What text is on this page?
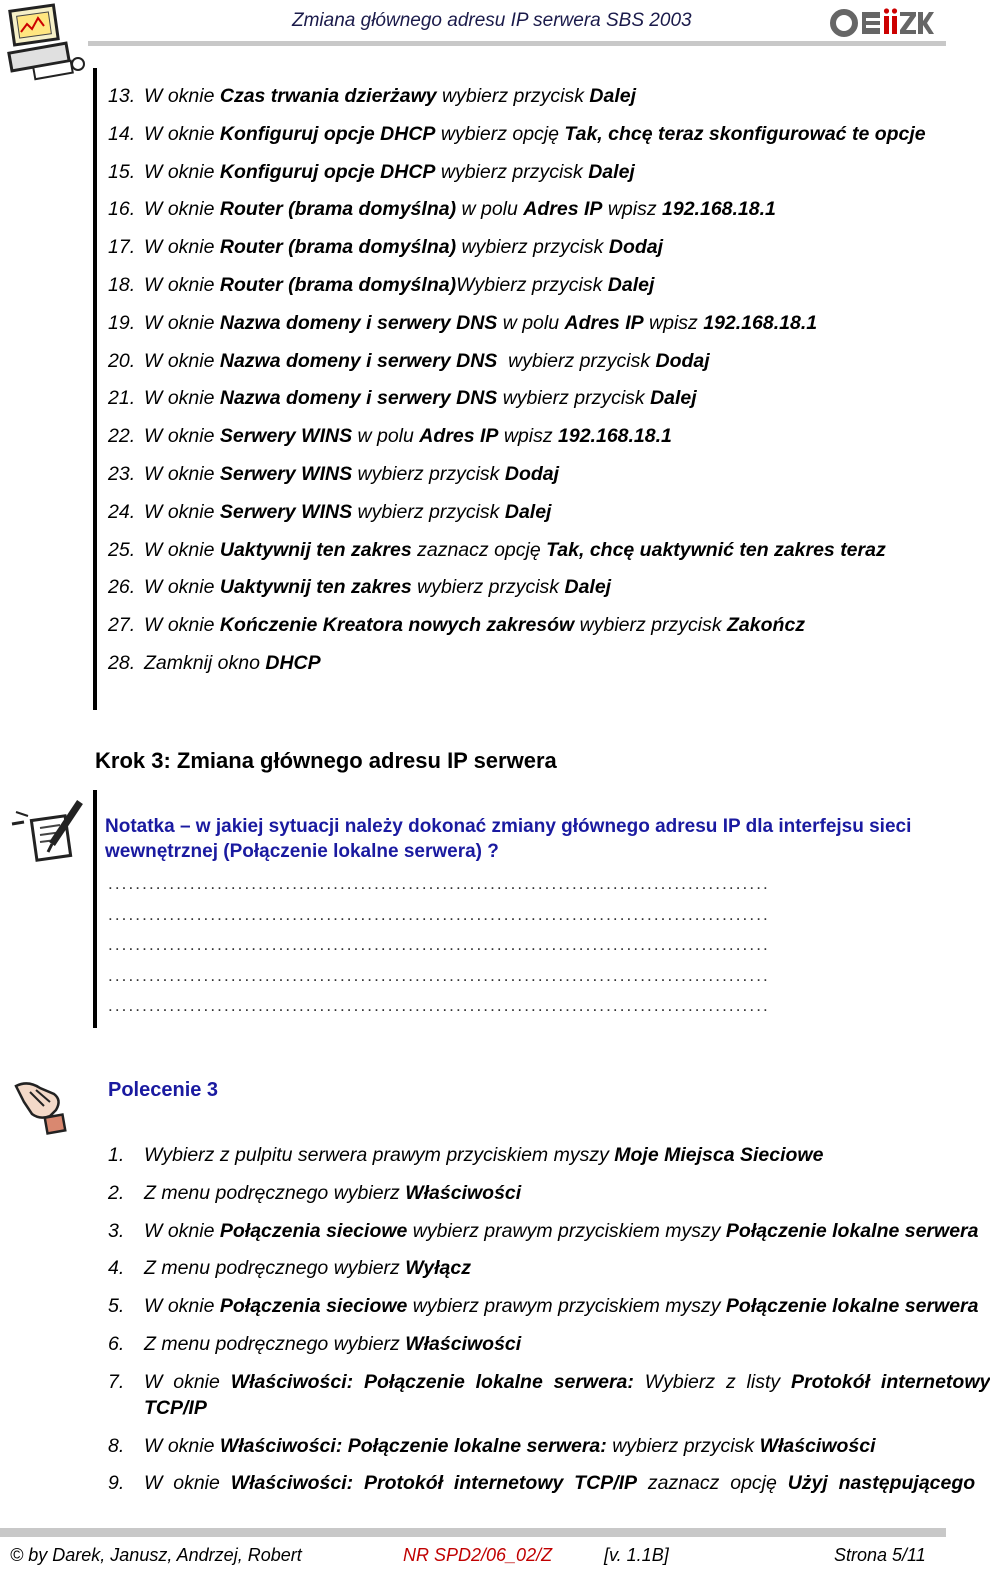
Zmiana głównego adresu IP serwera SBS 2003
13. W oknie Czas trwania dzierżawy wybierz przycisk Dalej
14. W oknie Konfiguruj opcje DHCP wybierz opcję Tak, chcę teraz skonfigurować te opcje
15. W oknie Konfiguruj opcje DHCP wybierz przycisk Dalej
16. W oknie Router (brama domyślna) w polu Adres IP wpisz 192.168.18.1
17. W oknie Router (brama domyślna) wybierz przycisk Dodaj
18. W oknie Router (brama domyślna)Wybierz przycisk Dalej
19. W oknie Nazwa domeny i serwery DNS w polu Adres IP wpisz 192.168.18.1
20. W oknie Nazwa domeny i serwery DNS  wybierz przycisk Dodaj
21. W oknie Nazwa domeny i serwery DNS wybierz przycisk Dalej
22. W oknie Serwery WINS w polu Adres IP wpisz 192.168.18.1
23. W oknie Serwery WINS wybierz przycisk Dodaj
24. W oknie Serwery WINS wybierz przycisk Dalej
25. W oknie Uaktywnij ten zakres zaznacz opcję Tak, chcę uaktywnić ten zakres teraz
26. W oknie Uaktywnij ten zakres wybierz przycisk Dalej
27. W oknie Kończenie Kreatora nowych zakresów wybierz przycisk Zakończ
28. Zamknij okno DHCP
Krok 3: Zmiana głównego adresu IP serwera
Notatka – w jakiej sytuacji należy dokonać zmiany głównego adresu IP dla interfejsu sieci wewnętrznej (Połączenie lokalne serwera) ?
.................................................................................................
.................................................................................................
.................................................................................................
.................................................................................................
.................................................................................................
Polecenie 3
1. Wybierz z pulpitu serwera prawym przyciskiem myszy Moje Miejsca Sieciowe
2. Z menu podręcznego wybierz Właściwości
3. W oknie Połączenia sieciowe wybierz prawym przyciskiem myszy Połączenie lokalne serwera
4. Z menu podręcznego wybierz Wyłącz
5. W oknie Połączenia sieciowe wybierz prawym przyciskiem myszy Połączenie lokalne serwera
6. Z menu podręcznego wybierz Właściwości
7. W  oknie  Właściwości:  Połączenie  lokalne  serwera:  Wybierz  z  listy  Protokół  internetowy
TCP/IP
8. W oknie Właściwości: Połączenie lokalne serwera: wybierz przycisk Właściwości
9. W  oknie  Właściwości:  Protokół  internetowy  TCP/IP  zaznacz  opcję  Użyj  następującego
© by Darek, Janusz, Andrzej, Robert	NR SPD2/06_02/Z	[v. 1.1B]	Strona 5/11
